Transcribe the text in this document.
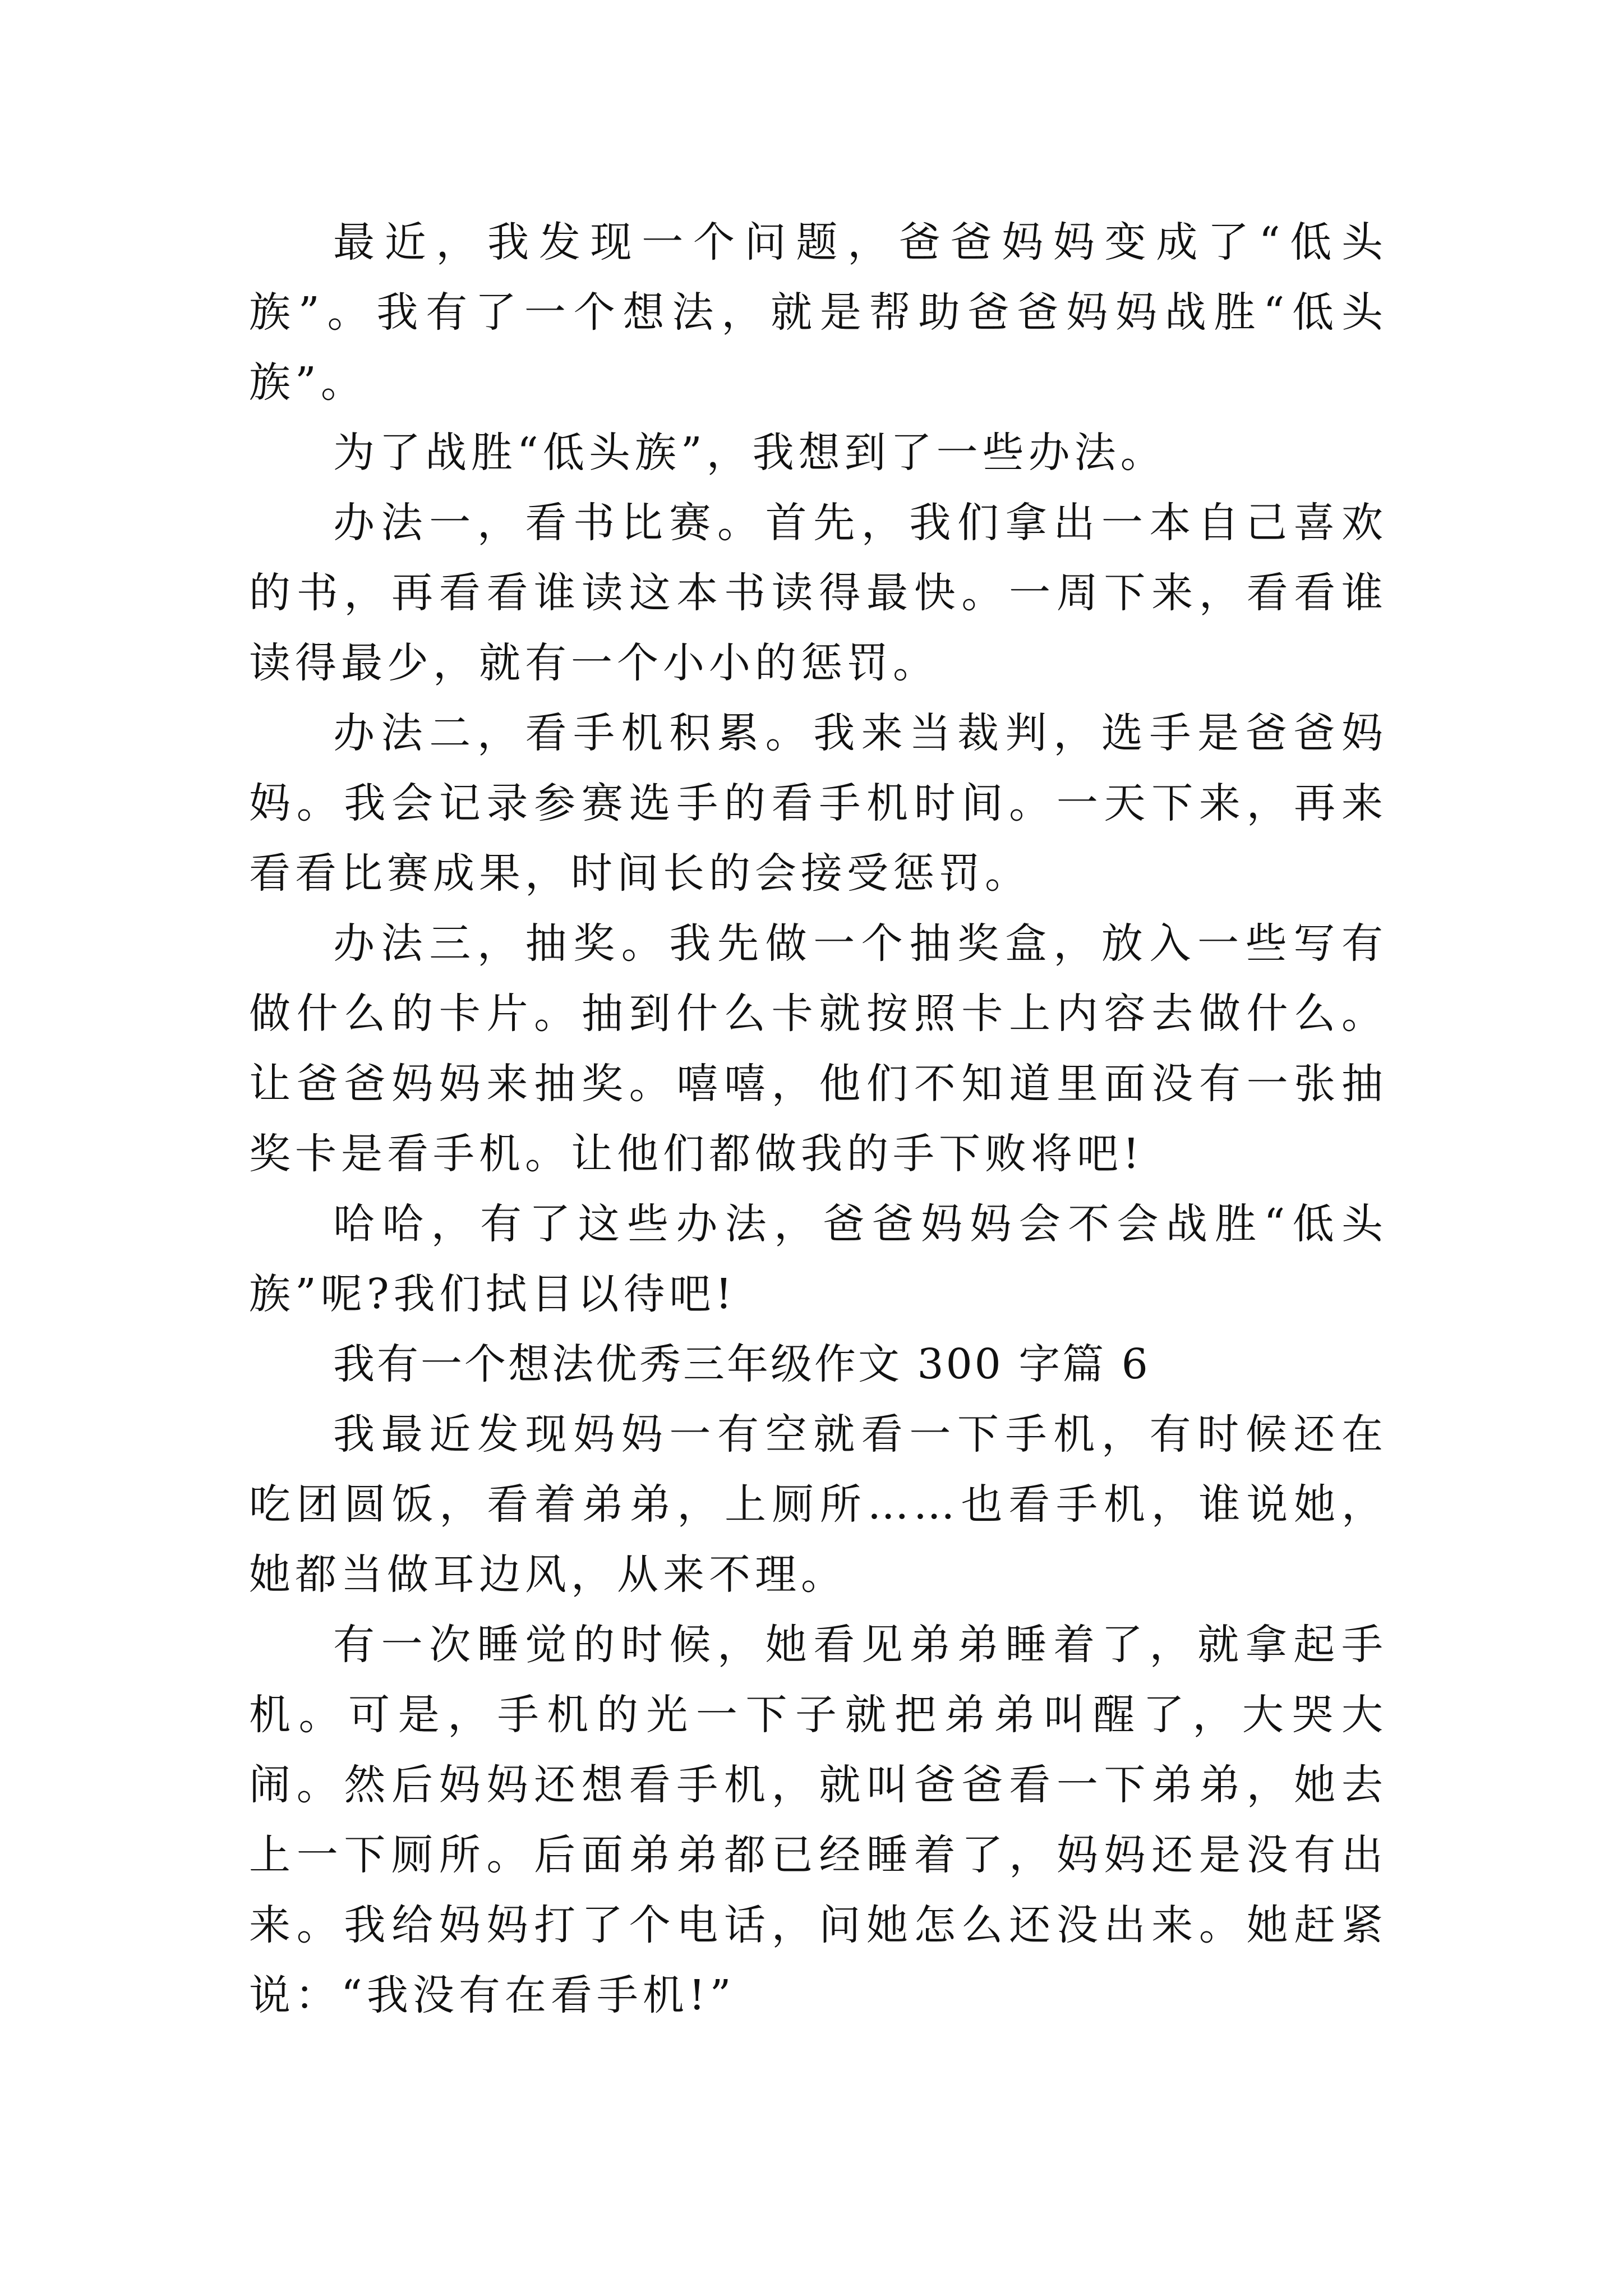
最近，我发现一个问题，爸爸妈妈变成了“低头族”。我有了一个想法，就是帮助爸爸妈妈战胜“低头族”。

为了战胜“低头族”，我想到了一些办法。

办法一，看书比赛。首先，我们拿出一本自己喜欢的书，再看看谁读这本书读得最快。一周下来，看看谁读得最少，就有一个小小的惩罚。

办法二，看手机积累。我来当裁判，选手是爸爸妈妈。我会记录参赛选手的看手机时间。一天下来，再来看看比赛成果，时间长的会接受惩罚。

办法三，抽奖。我先做一个抽奖盒，放入一些写有做什么的卡片。抽到什么卡就按照卡上内容去做什么。让爸爸妈妈来抽奖。嘻嘻，他们不知道里面没有一张抽奖卡是看手机。让他们都做我的手下败将吧!

哈哈，有了这些办法，爸爸妈妈会不会战胜“低头族”呢?我们拭目以待吧!

我有一个想法优秀三年级作文 300 字篇 6

我最近发现妈妈一有空就看一下手机，有时候还在吃团圆饭，看着弟弟，上厕所……也看手机，谁说她，她都当做耳边风，从来不理。

有一次睡觉的时候，她看见弟弟睡着了，就拿起手机。可是，手机的光一下子就把弟弟叫醒了，大哭大闹。然后妈妈还想看手机，就叫爸爸看一下弟弟，她去上一下厕所。后面弟弟都已经睡着了，妈妈还是没有出来。我给妈妈打了个电话，问她怎么还没出来。她赶紧说：“我没有在看手机!”
